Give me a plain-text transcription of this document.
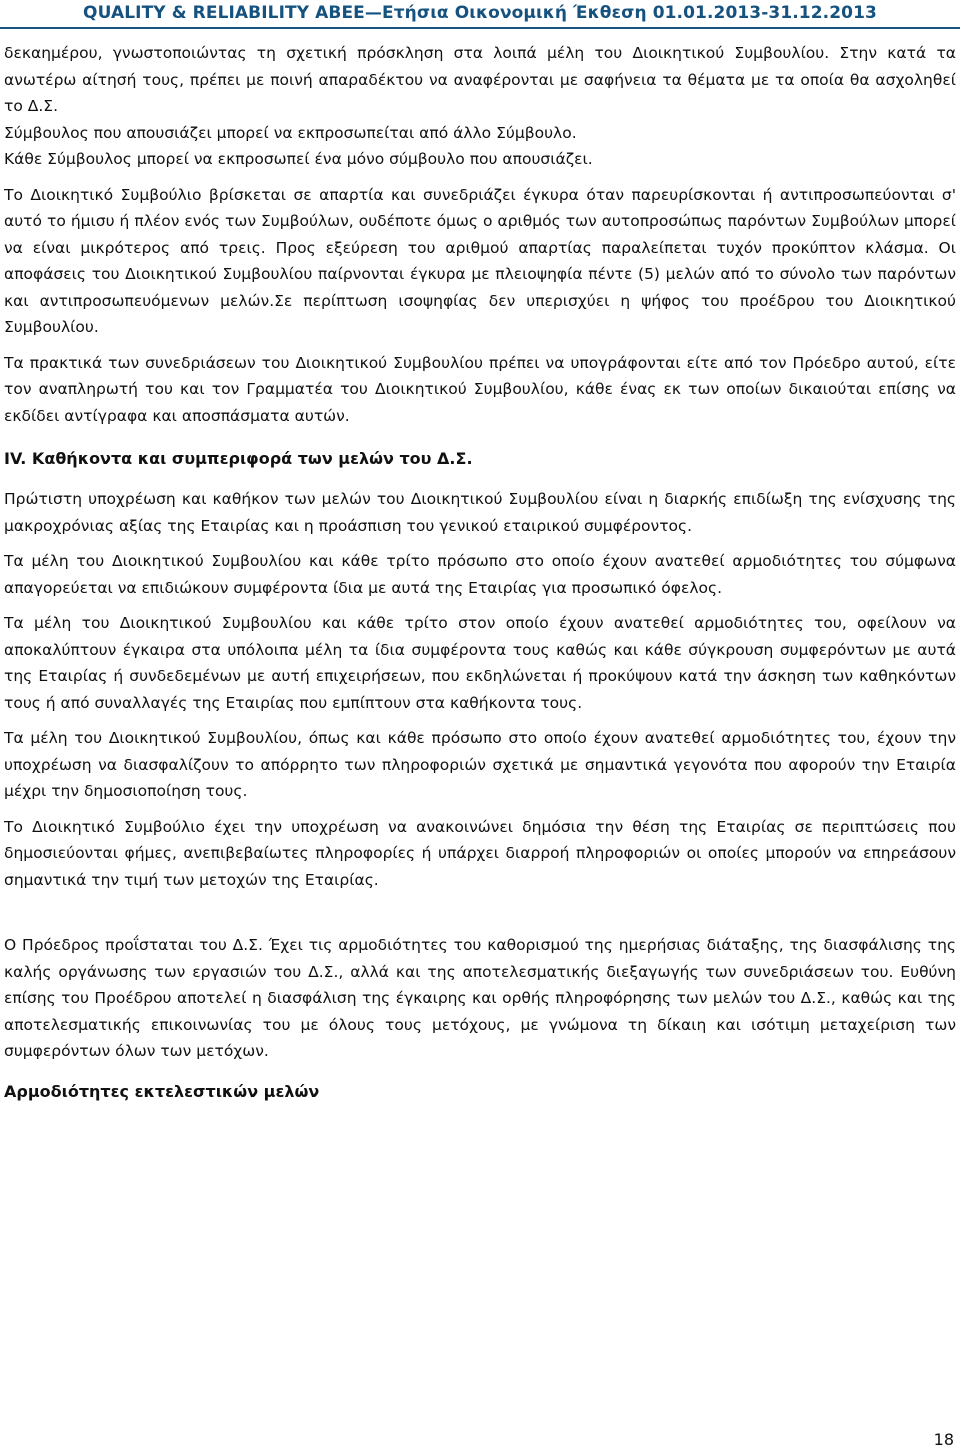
QUALITY & RELIABILITY ABEE—Ετήσια Οικονομική Έκθεση 01.01.2013-31.12.2013

δεκαημέρου, γνωστοποιώντας τη σχετική πρόσκληση στα λοιπά μέλη του Διοικητικού Συμβουλίου. Στην κατά τα ανωτέρω αίτησή τους, πρέπει με ποινή απαραδέκτου να αναφέρονται με σαφήνεια τα θέματα με τα οποία θα ασχοληθεί το Δ.Σ.

Σύμβουλος που απουσιάζει μπορεί να εκπροσωπείται από άλλο Σύμβουλο.

Κάθε Σύμβουλος μπορεί να εκπροσωπεί ένα μόνο σύμβουλο που απουσιάζει.

Το Διοικητικό Συμβούλιο βρίσκεται σε απαρτία και συνεδριάζει έγκυρα όταν παρευρίσκονται ή αντιπροσωπεύονται σ' αυτό το ήμισυ ή πλέον ενός των Συμβούλων, ουδέποτε όμως ο αριθμός των αυτοπροσώπως παρόντων Συμβούλων μπορεί να είναι μικρότερος από τρεις. Προς εξεύρεση του αριθμού απαρτίας παραλείπεται τυχόν προκύπτον κλάσμα. Οι αποφάσεις του Διοικητικού Συμβουλίου παίρνονται έγκυρα με πλειοψηφία πέντε (5) μελών από το σύνολο των παρόντων και αντιπροσωπευόμενων μελών.Σε περίπτωση ισοψηφίας δεν υπερισχύει η ψήφος του προέδρου του Διοικητικού Συμβουλίου.

Τα πρακτικά των συνεδριάσεων του Διοικητικού Συμβουλίου πρέπει να υπογράφονται είτε από τον Πρόεδρο αυτού, είτε τον αναπληρωτή του και τον Γραμματέα του Διοικητικού Συμβουλίου, κάθε ένας εκ των οποίων δικαιούται επίσης να εκδίδει αντίγραφα και αποσπάσματα αυτών.

IV. Καθήκοντα και συμπεριφορά των μελών του Δ.Σ.

Πρώτιστη υποχρέωση και καθήκον των μελών του Διοικητικού Συμβουλίου είναι η διαρκής επιδίωξη της ενίσχυσης της μακροχρόνιας αξίας της Εταιρίας και η προάσπιση του γενικού εταιρικού συμφέροντος.

Τα μέλη του Διοικητικού Συμβουλίου και κάθε τρίτο πρόσωπο στο οποίο έχουν ανατεθεί αρμοδιότητες του σύμφωνα απαγορεύεται να επιδιώκουν συμφέροντα ίδια με αυτά της Εταιρίας για προσωπικό όφελος.

Τα μέλη του Διοικητικού Συμβουλίου και κάθε τρίτο στον οποίο έχουν ανατεθεί αρμοδιότητες του, οφείλουν να αποκαλύπτουν έγκαιρα στα υπόλοιπα μέλη τα ίδια συμφέροντα τους καθώς και κάθε σύγκρουση συμφερόντων με αυτά της Εταιρίας ή συνδεδεμένων με αυτή επιχειρήσεων, που εκδηλώνεται ή προκύψουν κατά την άσκηση των καθηκόντων τους ή από συναλλαγές της Εταιρίας που εμπίπτουν στα καθήκοντα τους.

Τα μέλη του Διοικητικού Συμβουλίου, όπως και κάθε πρόσωπο στο οποίο έχουν ανατεθεί αρμοδιότητες του, έχουν την υποχρέωση να διασφαλίζουν το απόρρητο των πληροφοριών σχετικά με σημαντικά γεγονότα που αφορούν την Εταιρία μέχρι την δημοσιοποίηση τους.

Το Διοικητικό Συμβούλιο έχει την υποχρέωση να ανακοινώνει δημόσια την θέση της Εταιρίας σε περιπτώσεις που δημοσιεύονται φήμες, ανεπιβεβαίωτες πληροφορίες ή υπάρχει διαρροή πληροφοριών οι οποίες μπορούν να επηρεάσουν σημαντικά την τιμή των μετοχών της Εταιρίας.

Ο Πρόεδρος προΐσταται του Δ.Σ. Έχει τις αρμοδιότητες του καθορισμού της ημερήσιας διάταξης, της διασφάλισης της καλής οργάνωσης των εργασιών του Δ.Σ., αλλά και της αποτελεσματικής διεξαγωγής των συνεδριάσεων του. Ευθύνη επίσης του Προέδρου αποτελεί η διασφάλιση της έγκαιρης και ορθής πληροφόρησης των μελών του Δ.Σ., καθώς και της αποτελεσματικής επικοινωνίας του με όλους τους μετόχους, με γνώμονα τη δίκαιη και ισότιμη μεταχείριση των συμφερόντων όλων των μετόχων.

Αρμοδιότητες εκτελεστικών μελών
18
